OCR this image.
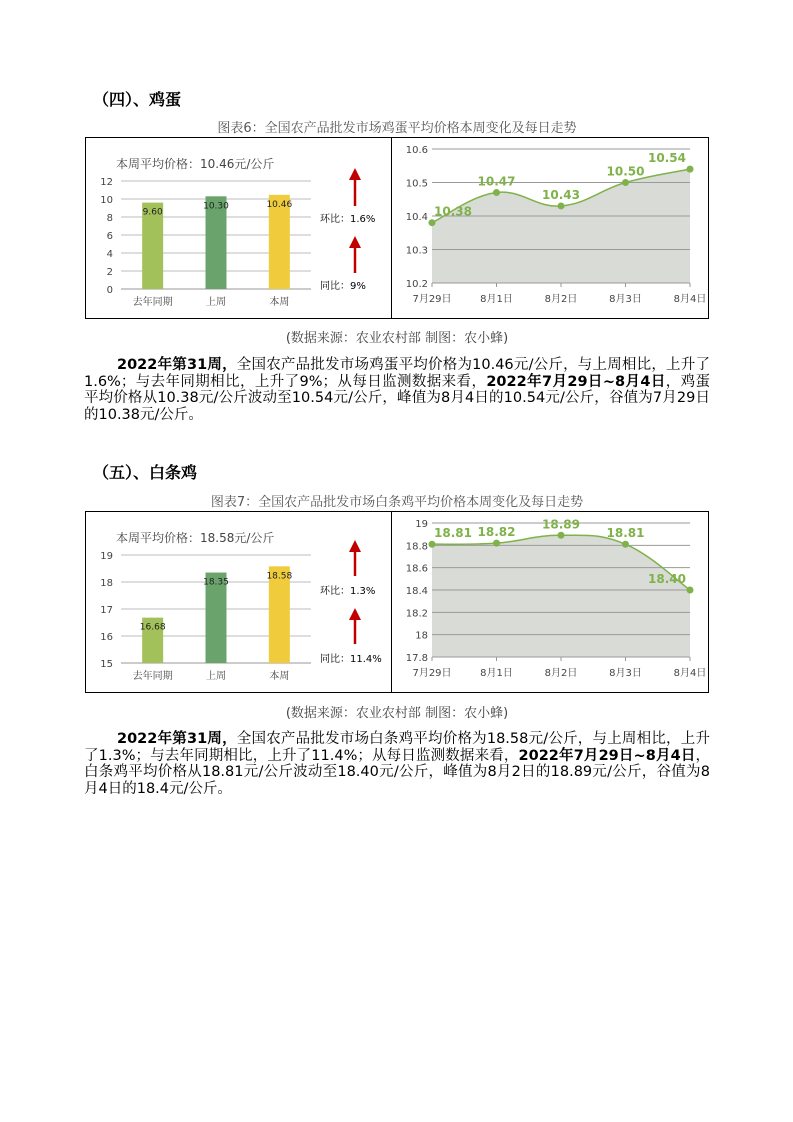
（四）、鸡蛋
图表6：全国农产品批发市场鸡蛋平均价格本周变化及每日走势
本周平均价格：10.46元/公斤
0
2
4
6
8
10
12
9.60
去年同期
10.30
上周
10.46
本周
环比：1.6%
同比：9%	10.2
10.3
10.4
10.5
10.6
10.38
7月29日
10.47
8月1日
10.43
8月2日
10.50
8月3日
10.54
8月4日
(数据来源：农业农村部 制图：农小蜂)

2022年第31周，全国农产品批发市场鸡蛋平均价格为10.46元/公斤，与上周相比，上升了1.6%；与去年同期相比，上升了9%；从每日监测数据来看，2022年7月29日~8月4日，鸡蛋平均价格从10.38元/公斤波动至10.54元/公斤，峰值为8月4日的10.54元/公斤，谷值为7月29日的10.38元/公斤。

（五）、白条鸡
图表7：全国农产品批发市场白条鸡平均价格本周变化及每日走势
本周平均价格：18.58元/公斤
15
16
17
18
19
16.68
去年同期
18.35
上周
18.58
本周
环比：1.3%
同比：11.4% 17.8
18
18.2
18.4
18.6
18.8
19
18.81
7月29日
18.82
8月1日
18.89
8月2日
18.81
8月3日
18.40
8月4日
(数据来源：农业农村部 制图：农小蜂)

2022年第31周，全国农产品批发市场白条鸡平均价格为18.58元/公斤，与上周相比，上升了1.3%；与去年同期相比，上升了11.4%；从每日监测数据来看，2022年7月29日~8月4日，白条鸡平均价格从18.81元/公斤波动至18.40元/公斤，峰值为8月2日的18.89元/公斤，谷值为8月4日的18.4元/公斤。
